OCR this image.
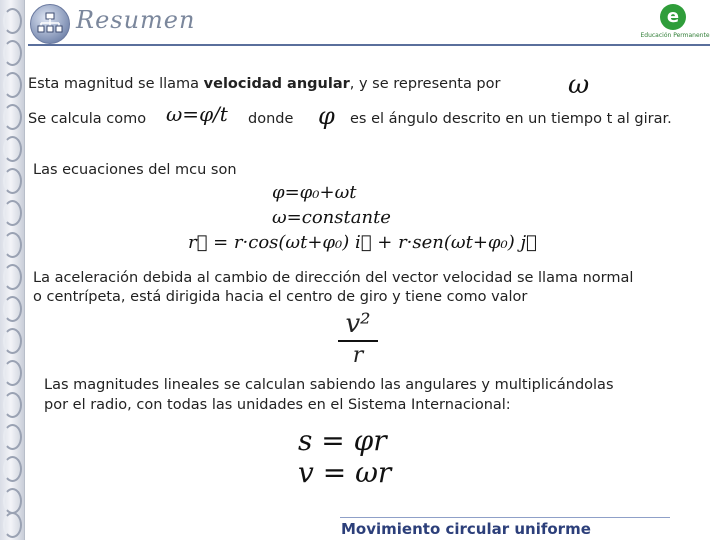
Resumen	e
Educación Permanente
Esta magnitud se llama velocidad angular, y se representa por	ω
Se calcula como ω=φ/t donde φ es el ángulo descrito en un tiempo t al girar.
Las ecuaciones del mcu son
φ=φ₀+ωt
ω=constante
r⃗ = r·cos(ωt+φ₀) i⃗ + r·sen(ωt+φ₀) j⃗
La aceleración debida al cambio de dirección del vector velocidad se llama normal
o centrípeta, está dirigida hacia el centro de giro y tiene como valor
v²
r
Las magnitudes lineales se calculan sabiendo las angulares y multiplicándolas
por el radio, con todas las unidades en el Sistema Internacional:
s = φr
v = ωr
Movimiento circular uniforme
